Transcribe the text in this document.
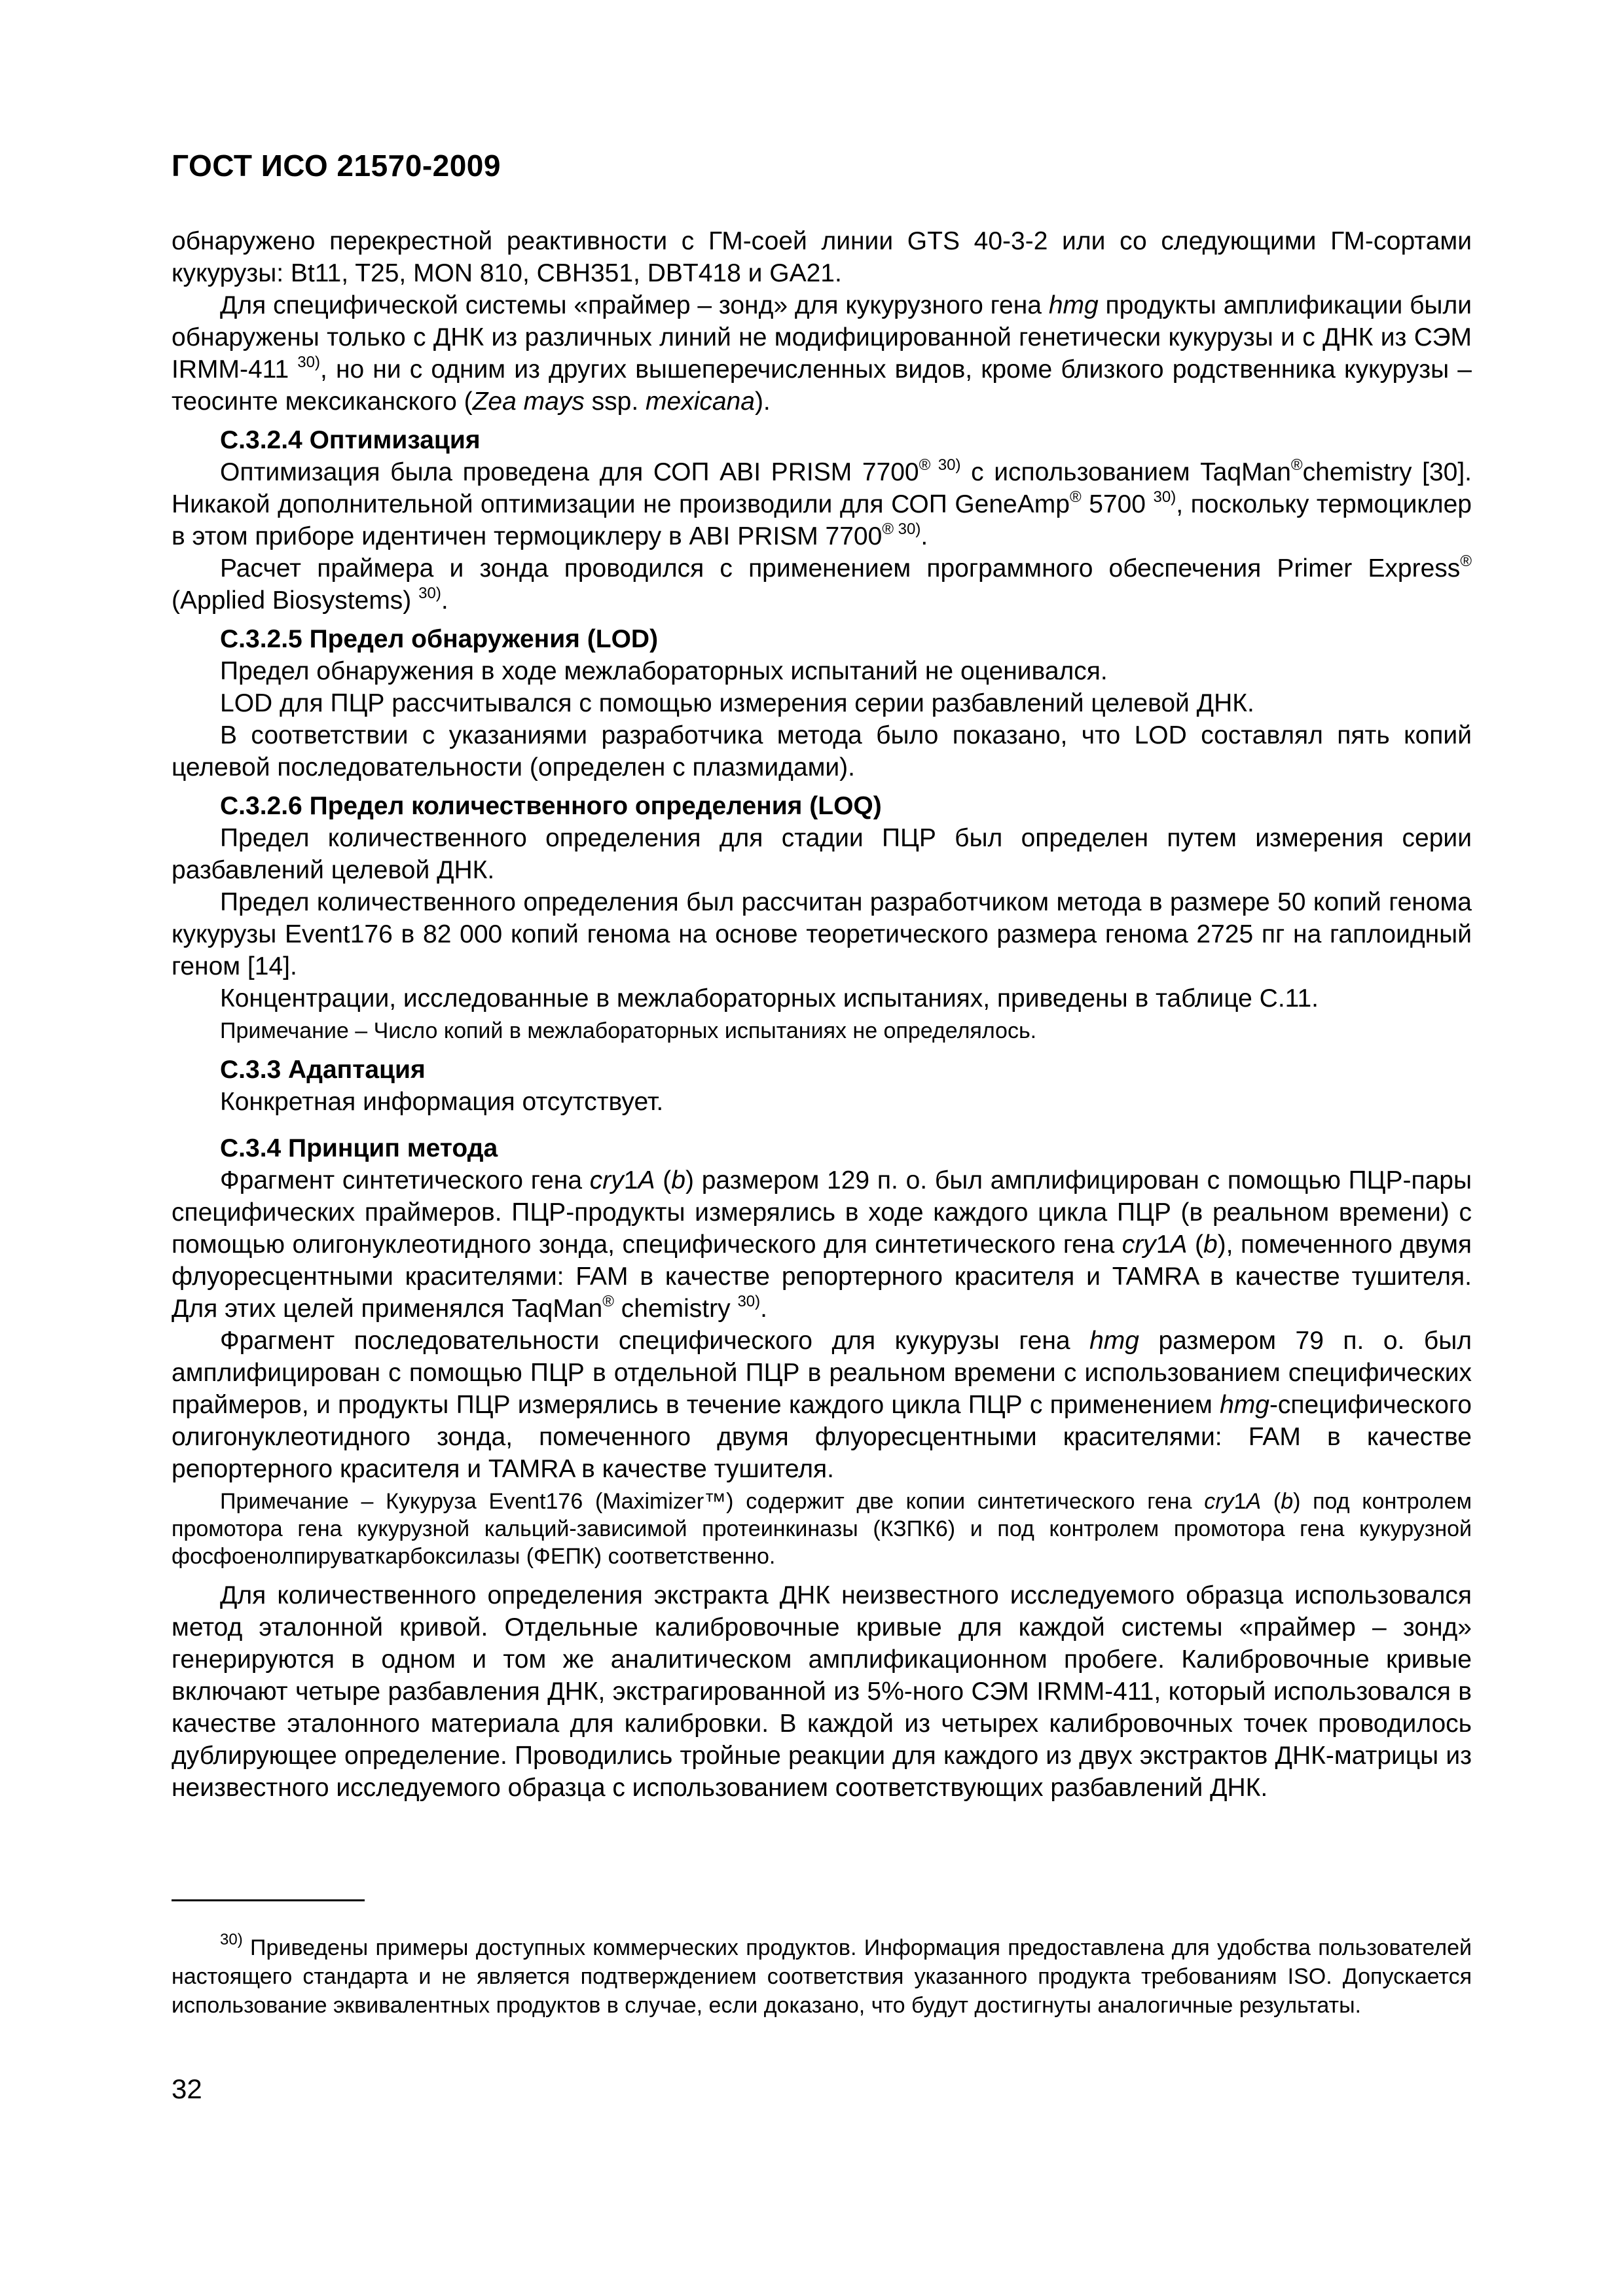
ГОСТ ИСО 21570-2009

обнаружено перекрестной реактивности с ГМ-соей линии GTS 40-3-2 или со следующими ГМ-сортами кукурузы: Bt11, T25, MON 810, CBH351, DBT418 и GA21.

Для специфической системы «праймер – зонд» для кукурузного гена hmg продукты амплификации были обнаружены только с ДНК из различных линий не модифицированной генетически кукурузы и с ДНК из СЭМ IRMM-411 $^{30)}$, но ни с одним из других вышеперечисленных видов, кроме близкого родственника кукурузы – теосинте мексиканского (Zea mays ssp. mexicana).

С.3.2.4 Оптимизация

Оптимизация была проведена для СОП ABI PRISM $7700^{® 30)}$ с использованием TaqMan®chemistry [30]. Никакой дополнительной оптимизации не производили для СОП GeneAmp® 5700 $^{30)}$, поскольку термоциклер в этом приборе идентичен термоциклеру в ABI PRISM $7700^{® 30)}$.

Расчет праймера и зонда проводился с применением программного обеспечения Primer Express® (Applied Biosystems) $^{30)}$.

С.3.2.5 Предел обнаружения (LOD)

Предел обнаружения в ходе межлабораторных испытаний не оценивался.

LOD для ПЦР рассчитывался с помощью измерения серии разбавлений целевой ДНК.

В соответствии с указаниями разработчика метода было показано, что LOD составлял пять копий целевой последовательности (определен с плазмидами).

С.3.2.6 Предел количественного определения (LOQ)

Предел количественного определения для стадии ПЦР был определен путем измерения серии разбавлений целевой ДНК.

Предел количественного определения был рассчитан разработчиком метода в размере 50 копий генома кукурузы Event176 в 82 000 копий генома на основе теоретического размера генома 2725 пг на гаплоидный геном [14].

Концентрации, исследованные в межлабораторных испытаниях, приведены в таблице С.11.

Примечание – Число копий в межлабораторных испытаниях не определялось.

С.3.3 Адаптация

Конкретная информация отсутствует.

С.3.4 Принцип метода

Фрагмент синтетического гена cry1A (b) размером 129 п. о. был амплифицирован с помощью ПЦР-пары специфических праймеров. ПЦР-продукты измерялись в ходе каждого цикла ПЦР (в реальном времени) с помощью олигонуклеотидного зонда, специфического для синтетического гена cry1A (b), помеченного двумя флуоресцентными красителями: FAM в качестве репортерного красителя и TAMRA в качестве тушителя. Для этих целей применялся TaqMan® chemistry $^{30)}$.

Фрагмент последовательности специфического для кукурузы гена hmg размером 79 п. о. был амплифицирован с помощью ПЦР в отдельной ПЦР в реальном времени с использованием специфических праймеров, и продукты ПЦР измерялись в течение каждого цикла ПЦР с применением hmg-специфического олигонуклеотидного зонда, помеченного двумя флуоресцентными красителями: FAM в качестве репортерного красителя и TAMRA в качестве тушителя.

Примечание – Кукуруза Event176 (Maximizer™) содержит две копии синтетического гена cry1A (b) под контролем промотора гена кукурузной кальций-зависимой протеинкиназы (КЗПК6) и под контролем промотора гена кукурузной фосфоенолпируваткарбоксилазы (ФЕПК) соответственно.

Для количественного определения экстракта ДНК неизвестного исследуемого образца использовался метод эталонной кривой. Отдельные калибровочные кривые для каждой системы «праймер – зонд» генерируются в одном и том же аналитическом амплификационном пробеге. Калибровочные кривые включают четыре разбавления ДНК, экстрагированной из 5%-ного СЭМ IRMM-411, который использовался в качестве эталонного материала для калибровки. В каждой из четырех калибровочных точек проводилось дублирующее определение. Проводились тройные реакции для каждого из двух экстрактов ДНК-матрицы из неизвестного исследуемого образца с использованием соответствующих разбавлений ДНК.

$^{30)}$ Приведены примеры доступных коммерческих продуктов. Информация предоставлена для удобства пользователей настоящего стандарта и не является подтверждением соответствия указанного продукта требованиям ISO. Допускается использование эквивалентных продуктов в случае, если доказано, что будут достигнуты аналогичные результаты.

32
